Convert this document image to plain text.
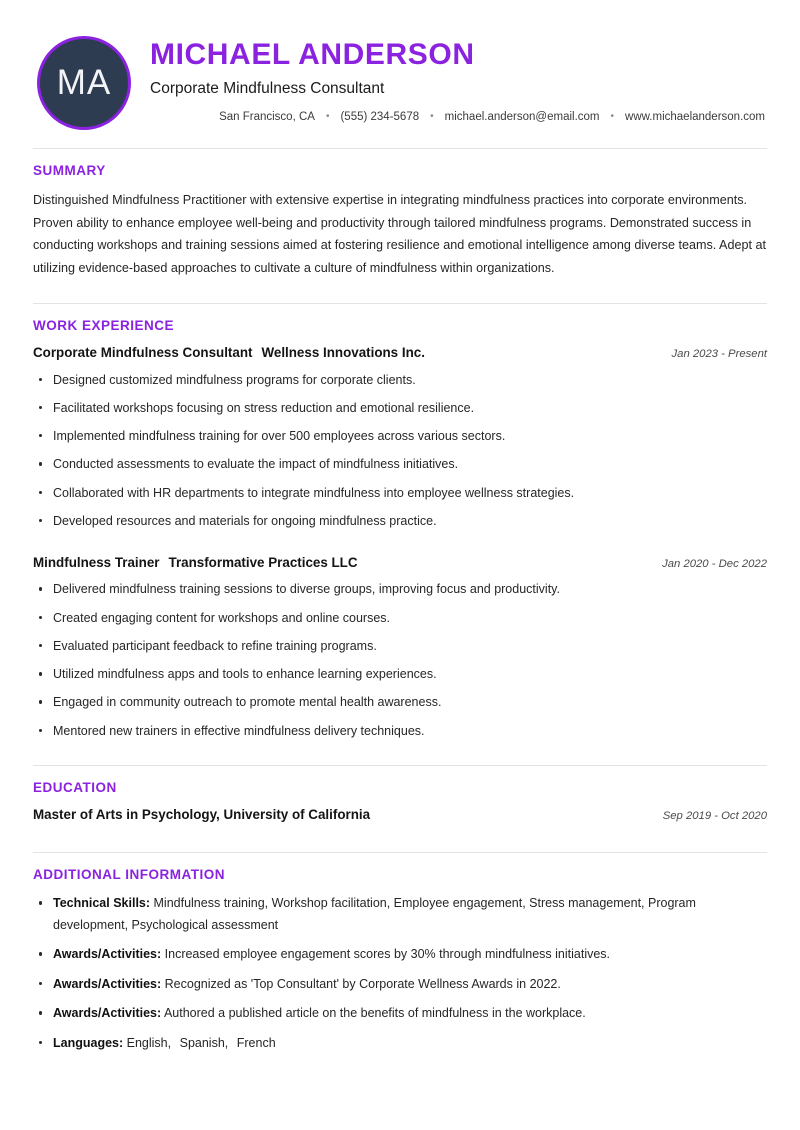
MA
MICHAEL ANDERSON
Corporate Mindfulness Consultant
San Francisco, CA • (555) 234-5678 • michael.anderson@email.com • www.michaelanderson.com
SUMMARY

Distinguished Mindfulness Practitioner with extensive expertise in integrating mindfulness practices into corporate environments. Proven ability to enhance employee well-being and productivity through tailored mindfulness programs. Demonstrated success in conducting workshops and training sessions aimed at fostering resilience and emotional intelligence among diverse teams. Adept at utilizing evidence-based approaches to cultivate a culture of mindfulness within organizations.

WORK EXPERIENCE
Corporate Mindfulness Consultant Wellness Innovations Inc.	Jan 2023 - Present
Designed customized mindfulness programs for corporate clients.
Facilitated workshops focusing on stress reduction and emotional resilience.
Implemented mindfulness training for over 500 employees across various sectors.
Conducted assessments to evaluate the impact of mindfulness initiatives.
Collaborated with HR departments to integrate mindfulness into employee wellness strategies.
Developed resources and materials for ongoing mindfulness practice.
Mindfulness Trainer Transformative Practices LLC	Jan 2020 - Dec 2022
Delivered mindfulness training sessions to diverse groups, improving focus and productivity.
Created engaging content for workshops and online courses.
Evaluated participant feedback to refine training programs.
Utilized mindfulness apps and tools to enhance learning experiences.
Engaged in community outreach to promote mental health awareness.
Mentored new trainers in effective mindfulness delivery techniques.
EDUCATION
Master of Arts in Psychology, University of California	Sep 2019 - Oct 2020
ADDITIONAL INFORMATION
Technical Skills: Mindfulness training, Workshop facilitation, Employee engagement, Stress management, Program development, Psychological assessment
Awards/Activities: Increased employee engagement scores by 30% through mindfulness initiatives.
Awards/Activities: Recognized as 'Top Consultant' by Corporate Wellness Awards in 2022.
Awards/Activities: Authored a published article on the benefits of mindfulness in the workplace.
Languages: English, Spanish, French
